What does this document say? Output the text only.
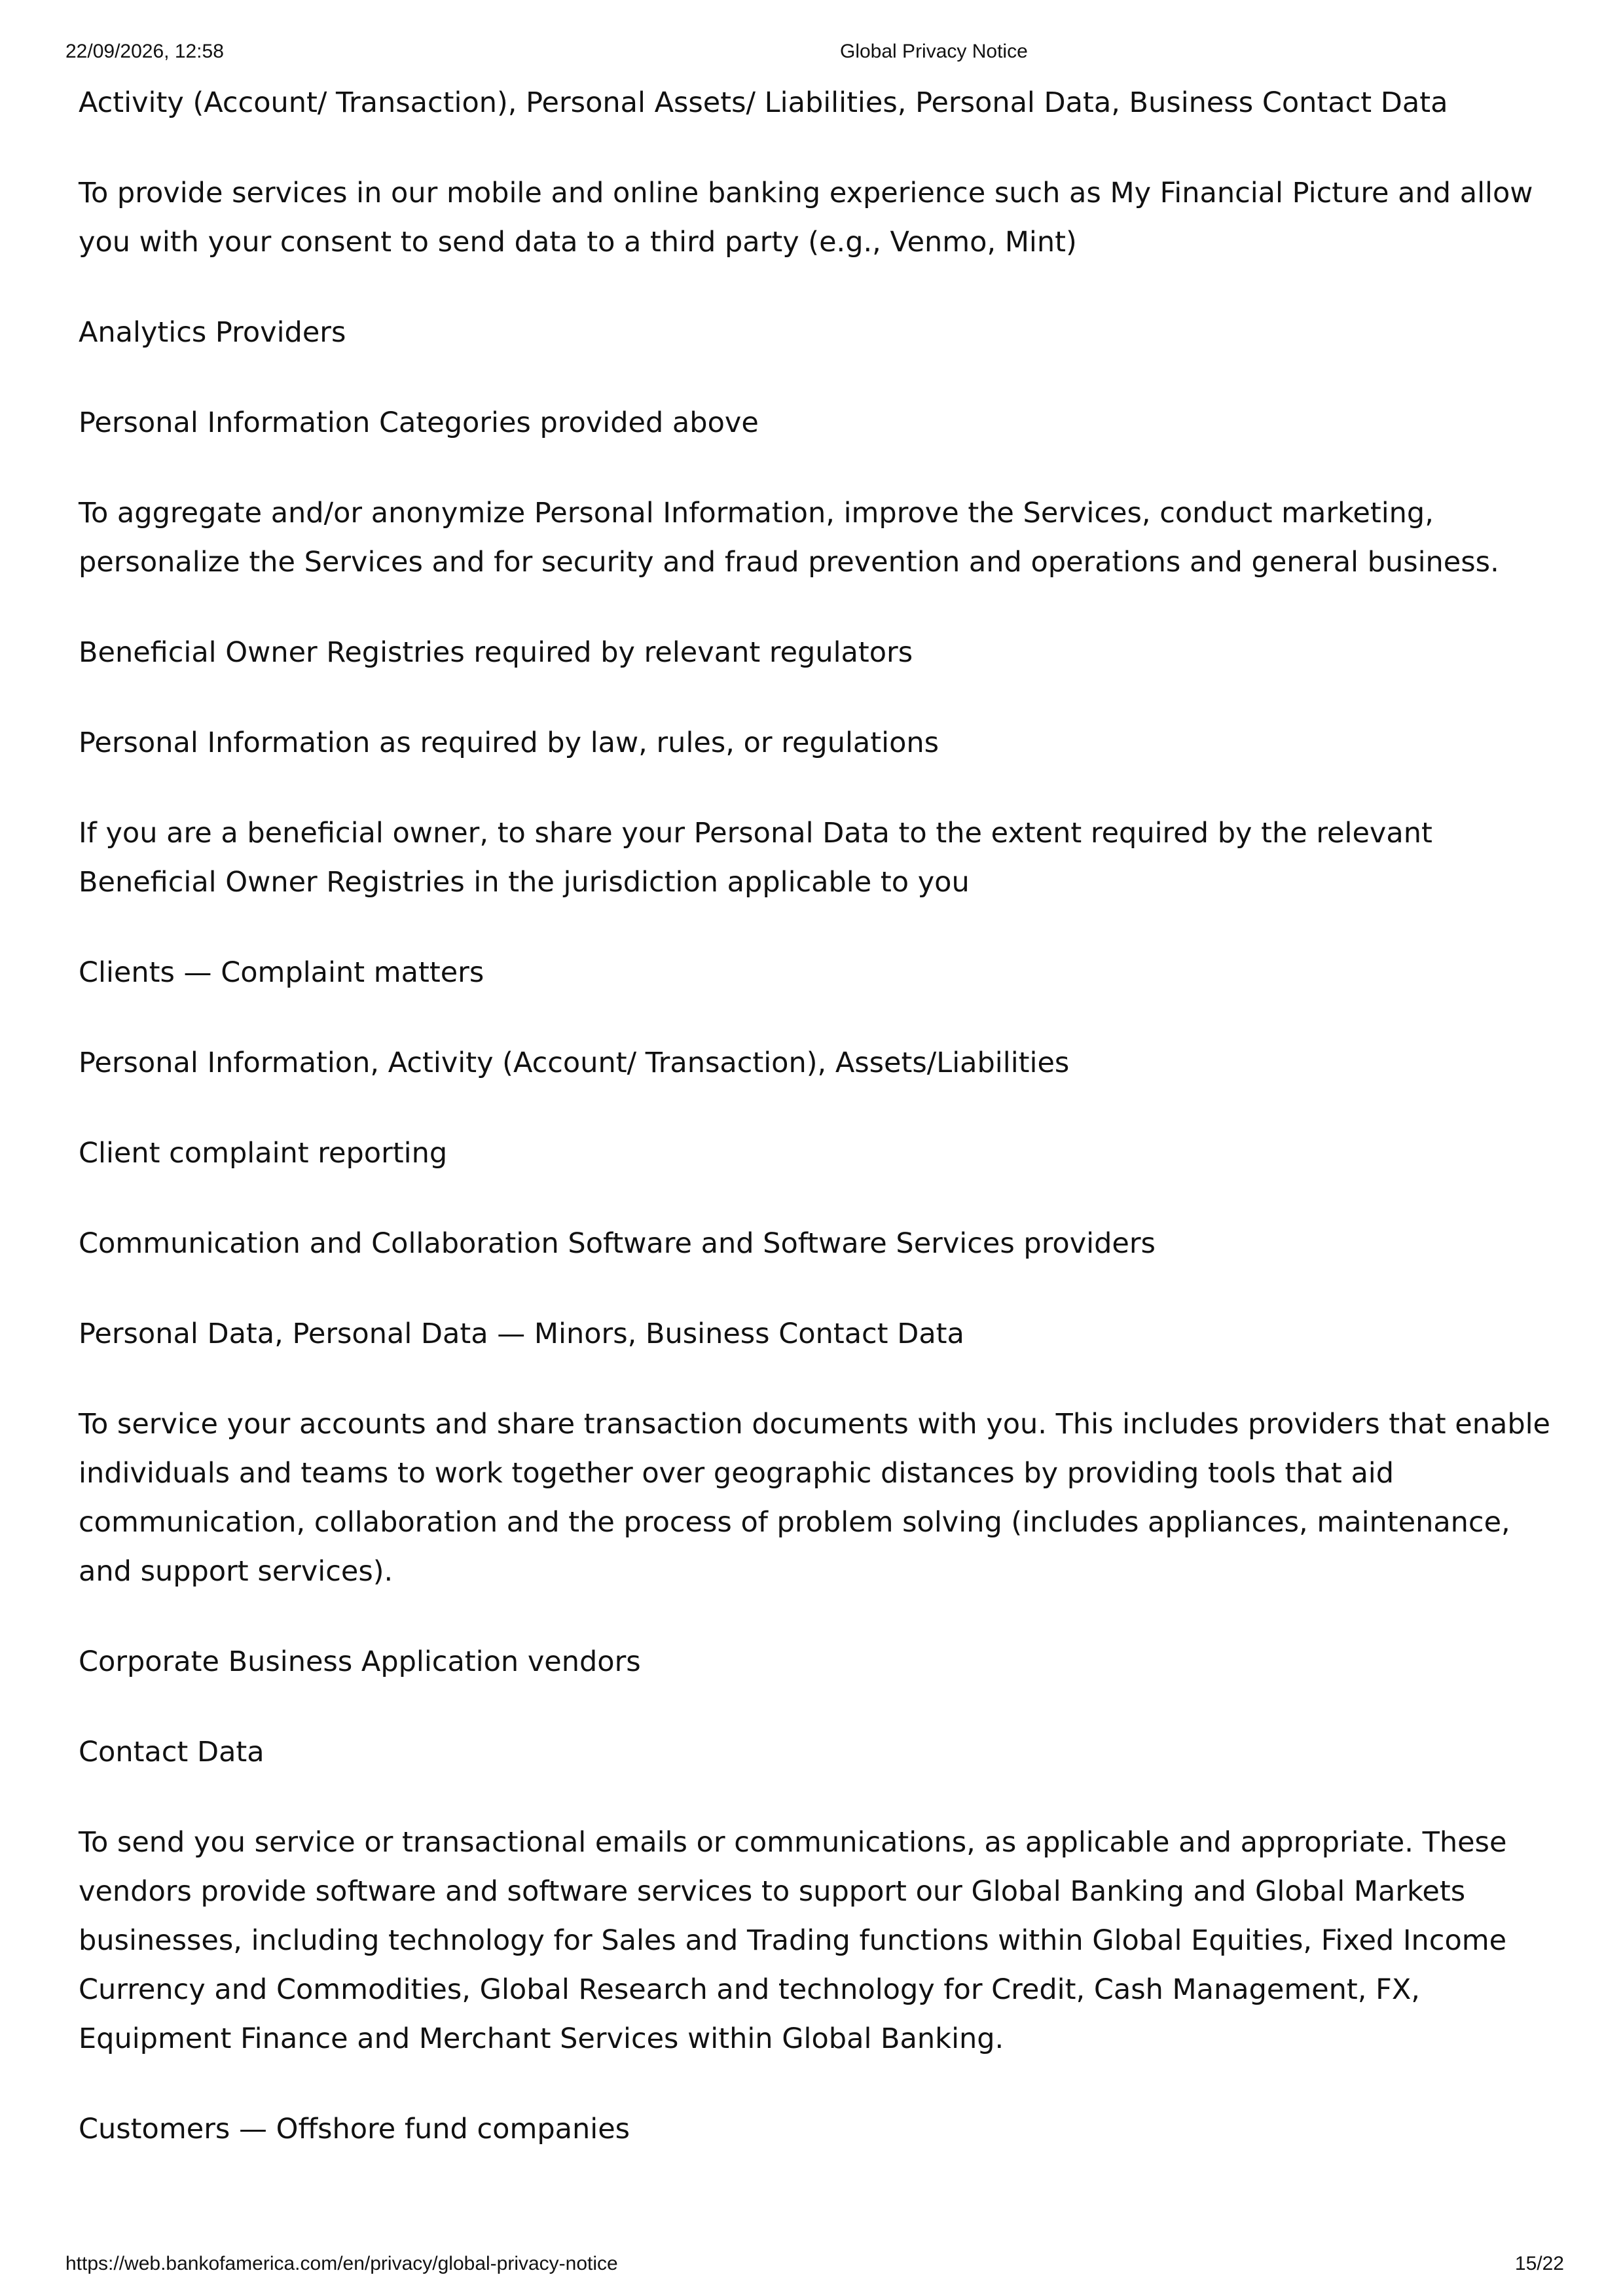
22/09/2026, 12:58	Global Privacy Notice

Activity (Account/ Transaction), Personal Assets/ Liabilities, Personal Data, Business Contact Data

To provide services in our mobile and online banking experience such as My Financial Picture and allow you with your consent to send data to a third party (e.g., Venmo, Mint)

Analytics Providers

Personal Information Categories provided above

To aggregate and/or anonymize Personal Information, improve the Services, conduct marketing, personalize the Services and for security and fraud prevention and operations and general business.

Beneficial Owner Registries required by relevant regulators

Personal Information as required by law, rules, or regulations

If you are a beneficial owner, to share your Personal Data to the extent required by the relevant Beneficial Owner Registries in the jurisdiction applicable to you

Clients — Complaint matters

Personal Information, Activity (Account/ Transaction), Assets/Liabilities

Client complaint reporting

Communication and Collaboration Software and Software Services providers

Personal Data, Personal Data — Minors, Business Contact Data

To service your accounts and share transaction documents with you. This includes providers that enable individuals and teams to work together over geographic distances by providing tools that aid communication, collaboration and the process of problem solving (includes appliances, maintenance, and support services).

Corporate Business Application vendors

Contact Data

To send you service or transactional emails or communications, as applicable and appropriate. These vendors provide software and software services to support our Global Banking and Global Markets businesses, including technology for Sales and Trading functions within Global Equities, Fixed Income Currency and Commodities, Global Research and technology for Credit, Cash Management, FX, Equipment Finance and Merchant Services within Global Banking.

Customers — Offshore fund companies

https://web.bankofamerica.com/en/privacy/global-privacy-notice	15/22
